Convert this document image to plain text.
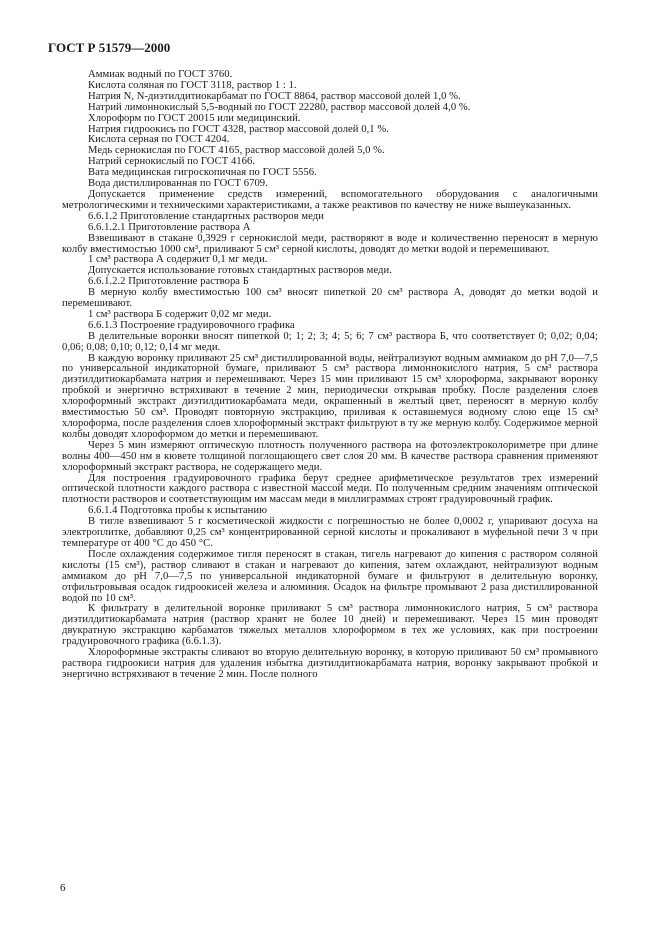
ГОСТ Р 51579—2000

Аммиак водный по ГОСТ 3760.

Кислота соляная по ГОСТ 3118, раствор 1 : 1.

Натрия N, N-диэтилдитиокарбамат по ГОСТ 8864, раствор массовой долей 1,0 %.

Натрий лимоннокислый 5,5-водный по ГОСТ 22280, раствор массовой долей 4,0 %.

Хлороформ по ГОСТ 20015 или медицинский.

Натрия гидроокись по ГОСТ 4328, раствор массовой долей 0,1 %.

Кислота серная по ГОСТ 4204.

Медь сернокислая по ГОСТ 4165, раствор массовой долей 5,0 %.

Натрий сернокислый по ГОСТ 4166.

Вата медицинская гигроскопичная по ГОСТ 5556.

Вода дистиллированная по ГОСТ 6709.

Допускается применение средств измерений, вспомогательного оборудования с аналогичными метрологическими и техническими характеристиками, а также реактивов по качеству не ниже вышеуказанных.

6.6.1.2 Приготовление стандартных растворов меди

6.6.1.2.1 Приготовление раствора А

Взвешивают в стакане 0,3929 г сернокислой меди, растворяют в воде и количественно переносят в мерную колбу вместимостью 1000 см³, приливают 5 см³ серной кислоты, доводят до метки водой и перемешивают.

1 см³ раствора А содержит 0,1 мг меди.

Допускается использование готовых стандартных растворов меди.

6.6.1.2.2 Приготовление раствора Б

В мерную колбу вместимостью 100 см³ вносят пипеткой 20 см³ раствора А, доводят до метки водой и перемешивают.

1 см³ раствора Б содержит 0,02 мг меди.

6.6.1.3 Построение градуировочного графика

В делительные воронки вносят пипеткой 0; 1; 2; 3; 4; 5; 6; 7 см³ раствора Б, что соответствует 0; 0,02; 0,04; 0,06; 0,08; 0,10; 0,12; 0,14 мг меди.

В каждую воронку приливают 25 см³ дистиллированной воды, нейтрализуют водным аммиаком до рН 7,0—7,5 по универсальной индикаторной бумаге, приливают 5 см³ раствора лимоннокислого натрия, 5 см³ раствора диэтилдитиокарбамата натрия и перемешивают. Через 15 мин приливают 15 см³ хлороформа, закрывают воронку пробкой и энергично встряхивают в течение 2 мин, периодически открывая пробку. После разделения слоев хлороформный экстракт диэтилдитиокарбамата меди, окрашенный в желтый цвет, переносят в мерную колбу вместимостью 50 см³. Проводят повторную экстракцию, приливая к оставшемуся водному слою еще 15 см³ хлороформа, после разделения слоев хлороформный экстракт фильтруют в ту же мерную колбу. Содержимое мерной колбы доводят хлороформом до метки и перемешивают.

Через 5 мин измеряют оптическую плотность полученного раствора на фотоэлектроколориметре при длине волны 400—450 нм в кювете толщиной поглощающего свет слоя 20 мм. В качестве раствора сравнения применяют хлороформный экстракт раствора, не содержащего меди.

Для построения градуировочного графика берут среднее арифметическое результатов трех измерений оптической плотности каждого раствора с известной массой меди. По полученным средним значениям оптической плотности растворов и соответствующим им массам меди в миллиграммах строят градуировочный график.

6.6.1.4 Подготовка пробы к испытанию

В тигле взвешивают 5 г косметической жидкости с погрешностью не более 0,0002 г, упаривают досуха на электроплитке, добавляют 0,25 см³ концентрированной серной кислоты и прокаливают в муфельной печи 3 ч при температуре от 400 °С до 450 °С.

После охлаждения содержимое тигля переносят в стакан, тигель нагревают до кипения с раствором соляной кислоты (15 см³), раствор сливают в стакан и нагревают до кипения, затем охлаждают, нейтрализуют водным аммиаком до рН 7,0—7,5 по универсальной индикаторной бумаге и фильтруют в делительную воронку, отфильтровывая осадок гидроокисей железа и алюминия. Осадок на фильтре промывают 2 раза дистиллированной водой по 10 см³.

К фильтрату в делительной воронке приливают 5 см³ раствора лимоннокислого натрия, 5 см³ раствора диэтилдитиокарбамата натрия (раствор хранят не более 10 дней) и перемешивают. Через 15 мин проводят двукратную экстракцию карбаматов тяжелых металлов хлороформом в тех же условиях, как при построении градуировочного графика (6.6.1.3).

Хлороформные экстракты сливают во вторую делительную воронку, в которую приливают 50 см³ промывного раствора гидроокиси натрия для удаления избытка диэтилдитиокарбамата натрия, воронку закрывают пробкой и энергично встряхивают в течение 2 мин. После полного

6
